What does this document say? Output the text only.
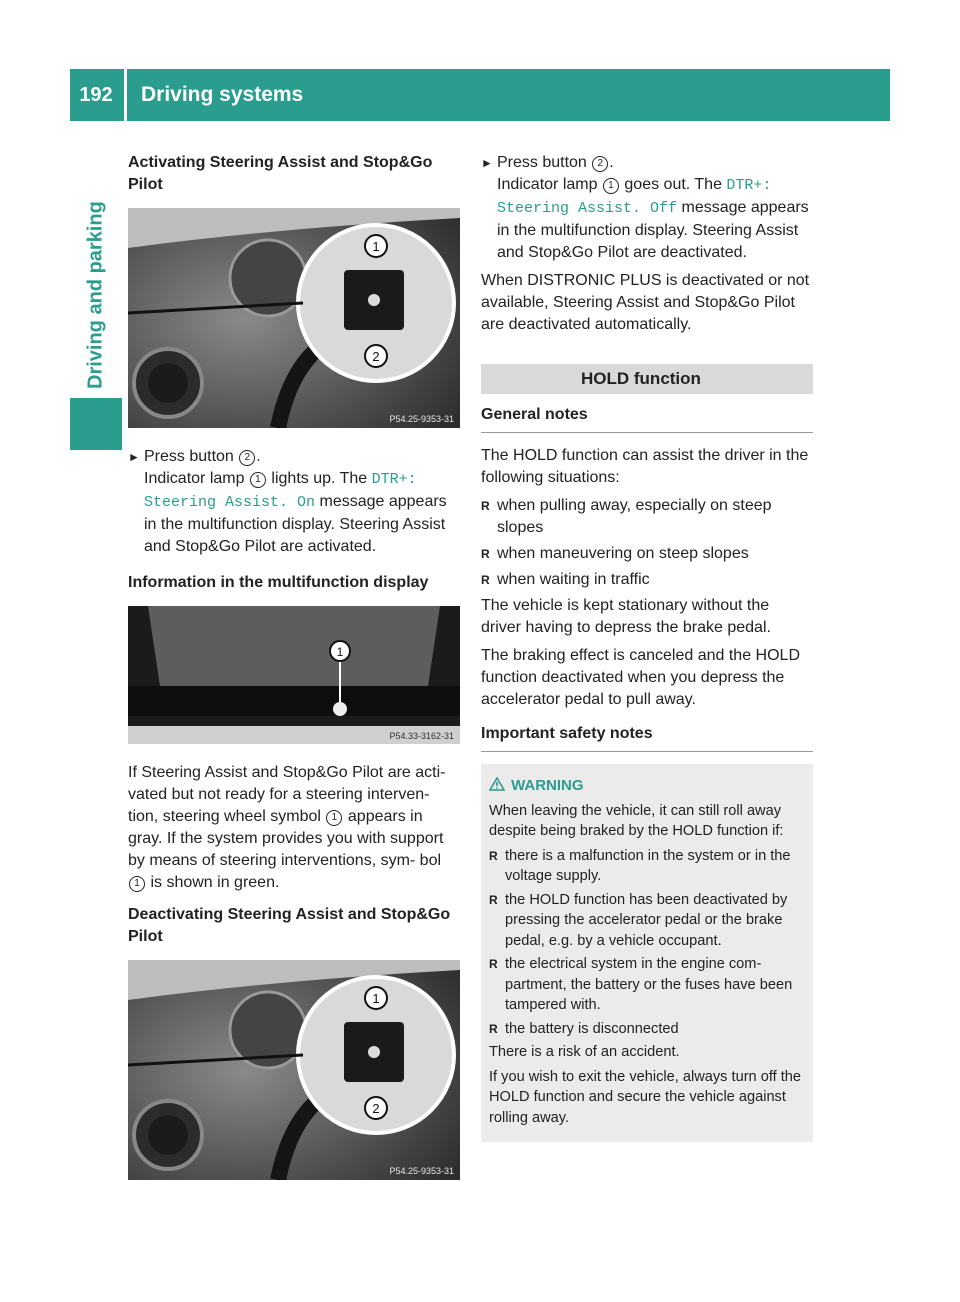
192	Driving systems
Driving and parking
Activating Steering Assist and Stop&Go Pilot
1
2
P54.25-9353-31
► Press button 2 .
Indicator lamp 1 lights up. The DTR+: Steering Assist. On message appears in the multifunction display. Steering Assist and Stop&Go Pilot are activated.
Information in the multifunction display
1
P54.33-3162-31

If Steering Assist and Stop&Go Pilot are acti- vated but not ready for a steering interven- tion, steering wheel symbol 1 appears in gray. If the system provides you with support by means of steering interventions, sym- bol 1 is shown in green.

Deactivating Steering Assist and Stop&Go Pilot
1
2
P54.25-9353-31
► Press button 2 .
Indicator lamp 1 goes out. The DTR+: Steering Assist. Off message appears in the multifunction display. Steering Assist and Stop&Go Pilot are deactivated.

When DISTRONIC PLUS is deactivated or not available, Steering Assist and Stop&Go Pilot are deactivated automatically.

HOLD function
General notes

The HOLD function can assist the driver in the following situations:

R when pulling away, especially on steep slopes
R when maneuvering on steep slopes
R when waiting in traffic

The vehicle is kept stationary without the driver having to depress the brake pedal.

The braking effect is canceled and the HOLD function deactivated when you depress the accelerator pedal to pull away.

Important safety notes
WARNING

When leaving the vehicle, it can still roll away despite being braked by the HOLD function if:

R there is a malfunction in the system or in the voltage supply.
R the HOLD function has been deactivated by pressing the accelerator pedal or the brake pedal, e.g. by a vehicle occupant.
R the electrical system in the engine com- partment, the battery or the fuses have been tampered with.
R the battery is disconnected

There is a risk of an accident.

If you wish to exit the vehicle, always turn off the HOLD function and secure the vehicle against rolling away.
